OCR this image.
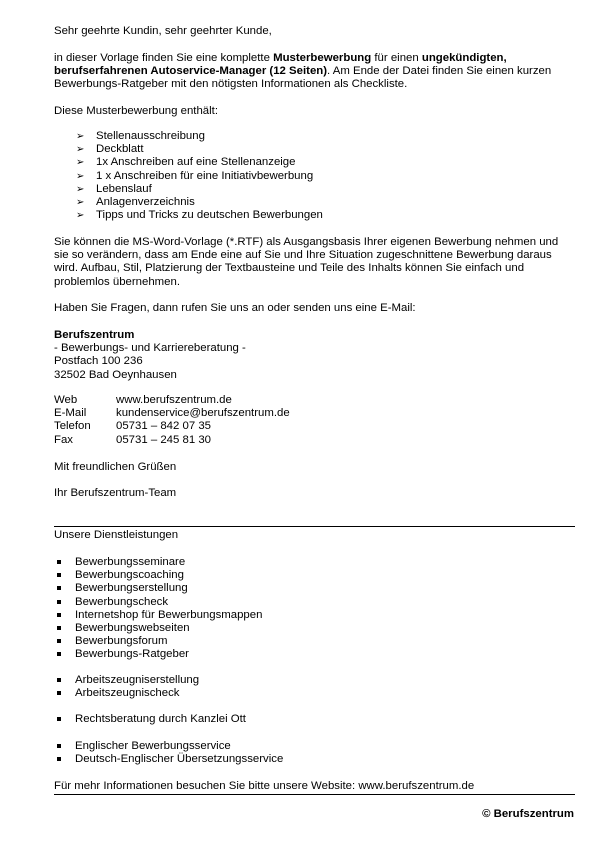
Sehr geehrte Kundin, sehr geehrter Kunde,

in dieser Vorlage finden Sie eine komplette Musterbewerbung für einen ungekündigten,
berufserfahrenen Autoservice-Manager (12 Seiten). Am Ende der Datei finden Sie einen kurzen
Bewerbungs-Ratgeber mit den nötigsten Informationen als Checkliste.

Diese Musterbewerbung enthält:

➢ Stellenausschreibung
➢ Deckblatt
➢ 1x Anschreiben auf eine Stellenanzeige
➢ 1 x Anschreiben für eine Initiativbewerbung
➢ Lebenslauf
➢ Anlagenverzeichnis
➢ Tipps und Tricks zu deutschen Bewerbungen

Sie können die MS-Word-Vorlage (*.RTF) als Ausgangsbasis Ihrer eigenen Bewerbung nehmen und
sie so verändern, dass am Ende eine auf Sie und Ihre Situation zugeschnittene Bewerbung daraus
wird. Aufbau, Stil, Platzierung der Textbausteine und Teile des Inhalts können Sie einfach und
problemlos übernehmen.

Haben Sie Fragen, dann rufen Sie uns an oder senden uns eine E-Mail:

Berufszentrum
- Bewerbungs- und Karriereberatung -
Postfach 100 236
32502 Bad Oeynhausen
Web	www.berufszentrum.de
E-Mail	kundenservice@berufszentrum.de
Telefon	05731 – 842 07 35
Fax	05731 – 245 81 30

Mit freundlichen Grüßen

Ihr Berufszentrum-Team

Unsere Dienstleistungen

Bewerbungsseminare
Bewerbungscoaching
Bewerbungserstellung
Bewerbungscheck
Internetshop für Bewerbungsmappen
Bewerbungswebseiten
Bewerbungsforum
Bewerbungs-Ratgeber
Arbeitszeugniserstellung
Arbeitszeugnischeck
Rechtsberatung durch Kanzlei Ott
Englischer Bewerbungsservice
Deutsch-Englischer Übersetzungsservice
Für mehr Informationen besuchen Sie bitte unsere Website: www.berufszentrum.de
© Berufszentrum
